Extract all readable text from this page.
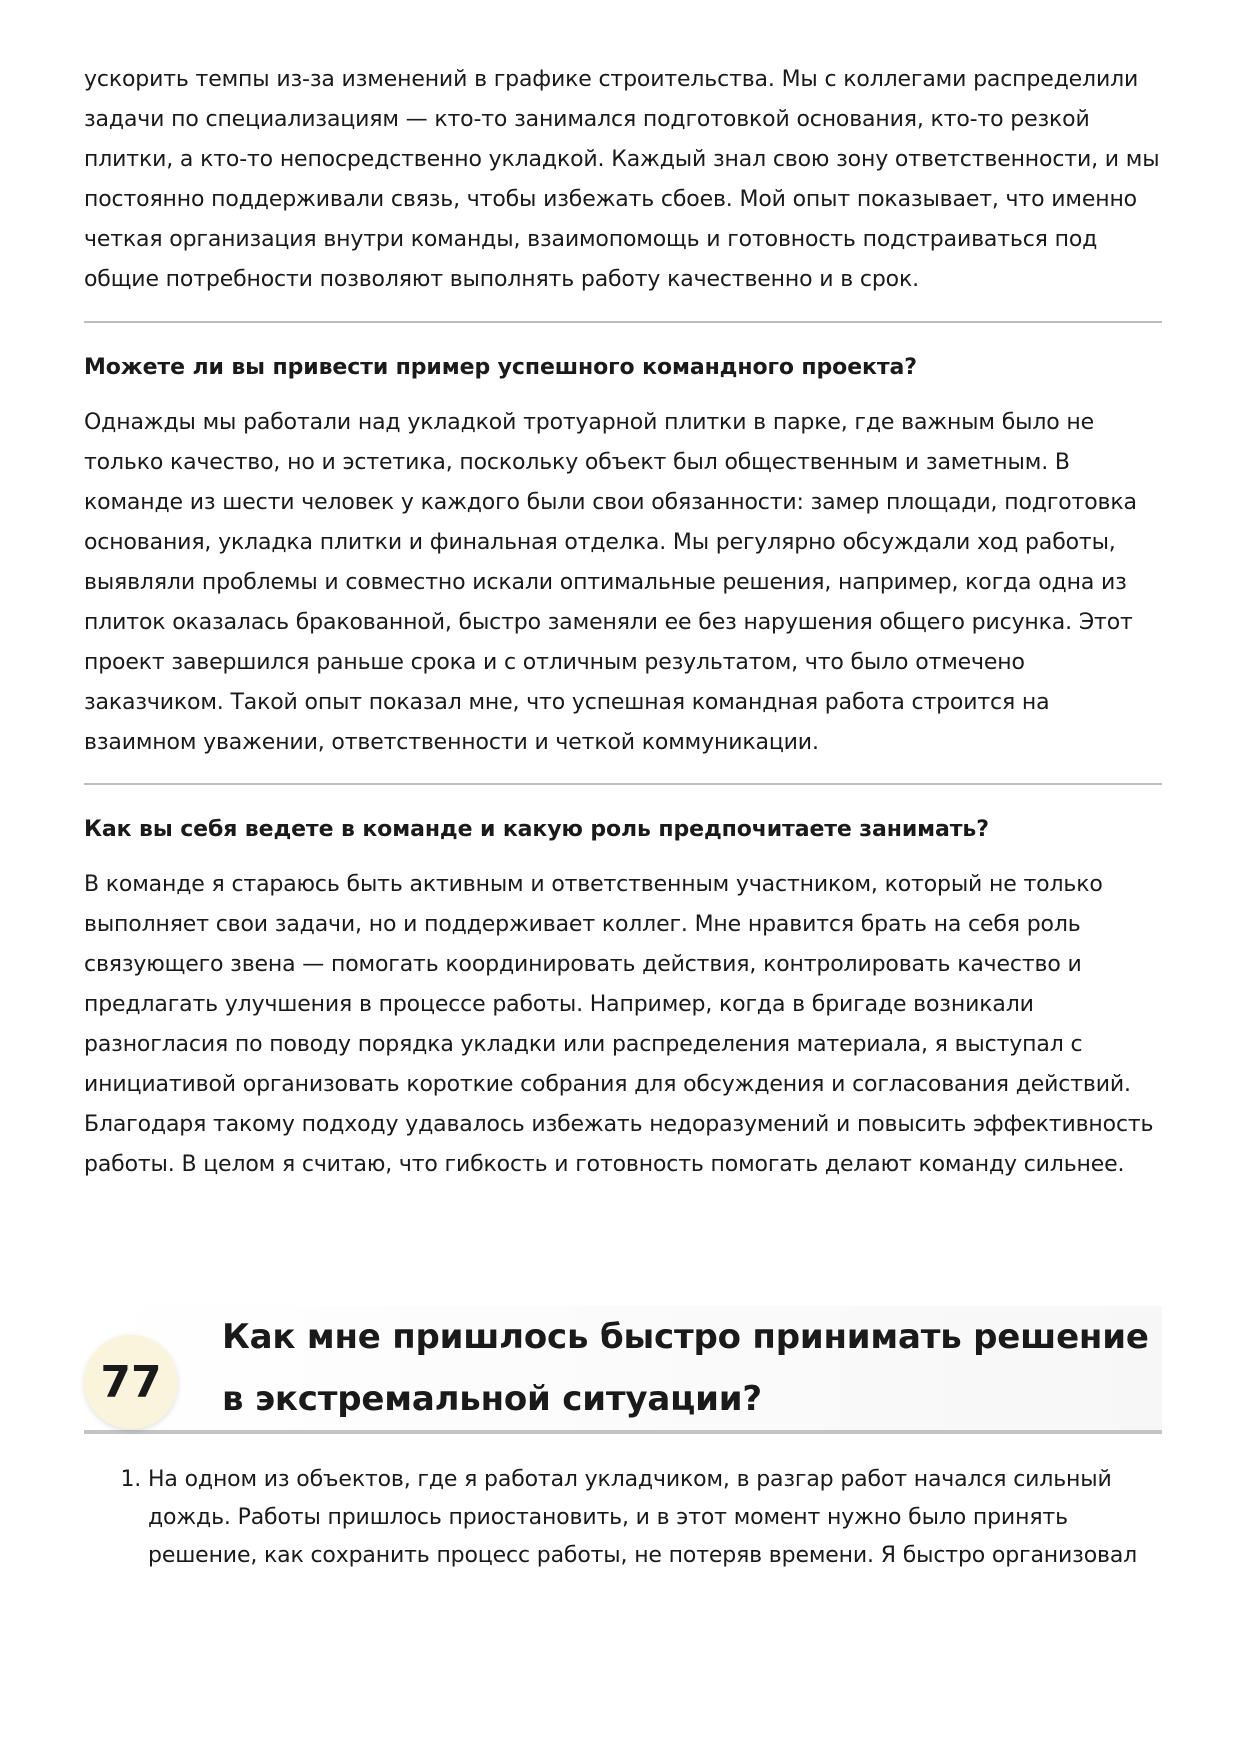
ускорить темпы из-за изменений в графике строительства. Мы с коллегами распределили задачи по специализациям — кто-то занимался подготовкой основания, кто-то резкой плитки, а кто-то непосредственно укладкой. Каждый знал свою зону ответственности, и мы постоянно поддерживали связь, чтобы избежать сбоев. Мой опыт показывает, что именно четкая организация внутри команды, взаимопомощь и готовность подстраиваться под общие потребности позволяют выполнять работу качественно и в срок.

Можете ли вы привести пример успешного командного проекта?

Однажды мы работали над укладкой тротуарной плитки в парке, где важным было не только качество, но и эстетика, поскольку объект был общественным и заметным. В команде из шести человек у каждого были свои обязанности: замер площади, подготовка основания, укладка плитки и финальная отделка. Мы регулярно обсуждали ход работы, выявляли проблемы и совместно искали оптимальные решения, например, когда одна из плиток оказалась бракованной, быстро заменяли ее без нарушения общего рисунка. Этот проект завершился раньше срока и с отличным результатом, что было отмечено заказчиком. Такой опыт показал мне, что успешная командная работа строится на взаимном уважении, ответственности и четкой коммуникации.

Как вы себя ведете в команде и какую роль предпочитаете занимать?

В команде я стараюсь быть активным и ответственным участником, который не только выполняет свои задачи, но и поддерживает коллег. Мне нравится брать на себя роль связующего звена — помогать координировать действия, контролировать качество и предлагать улучшения в процессе работы. Например, когда в бригаде возникали разногласия по поводу порядка укладки или распределения материала, я выступал с инициативой организовать короткие собрания для обсуждения и согласования действий. Благодаря такому подходу удавалось избежать недоразумений и повысить эффективность работы. В целом я считаю, что гибкость и готовность помогать делают команду сильнее.

77
Как мне пришлось быстро принимать решение в экстремальной ситуации?
1. На одном из объектов, где я работал укладчиком, в разгар работ начался сильный дождь. Работы пришлось приостановить, и в этот момент нужно было принять решение, как сохранить процесс работы, не потеряв времени. Я быстро организовал
